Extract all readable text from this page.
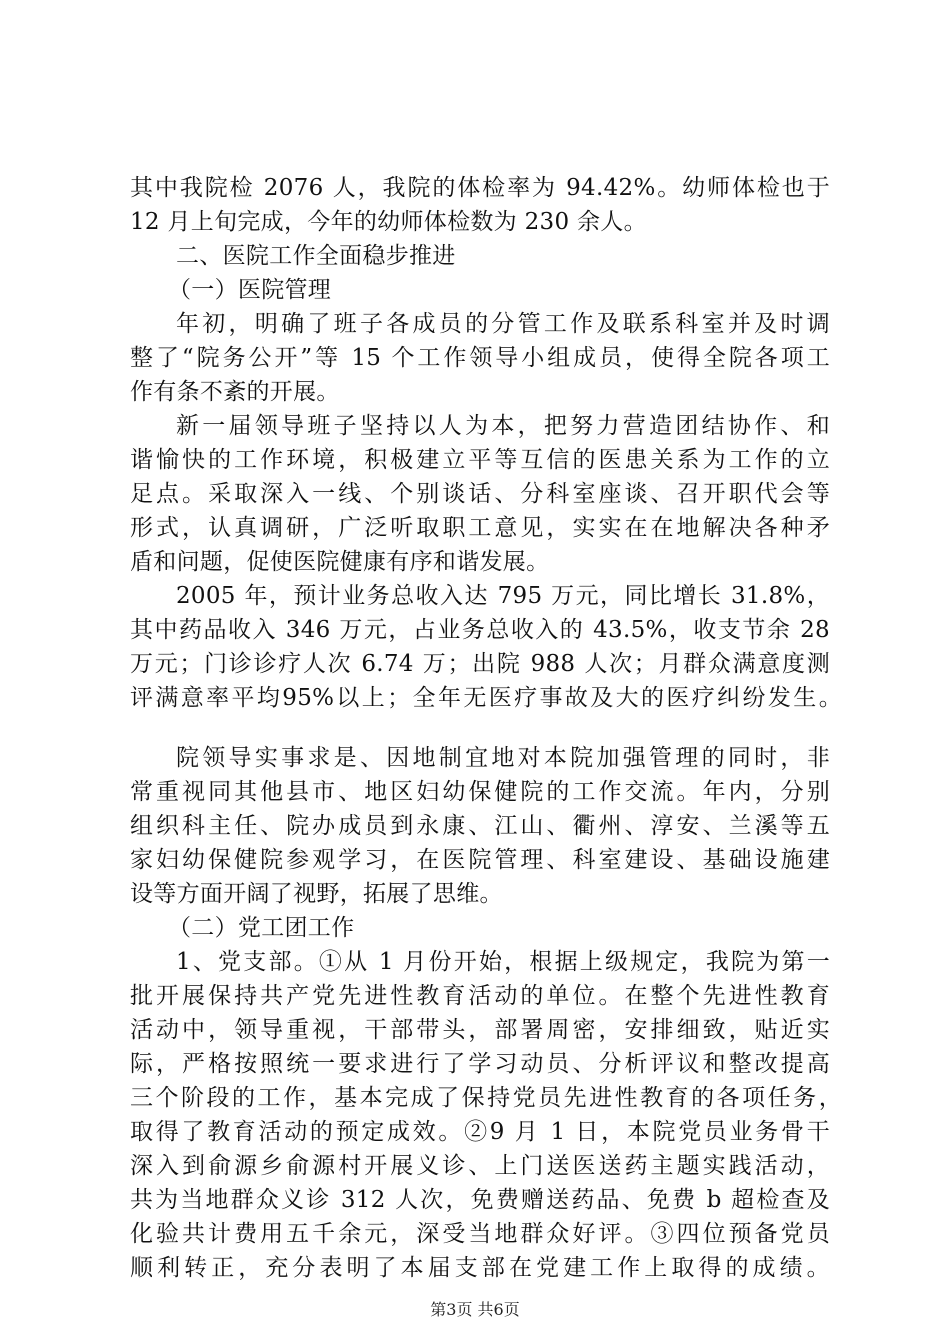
其中我院检 2076 人，我院的体检率为 94.42%。幼师体检也于
12 月上旬完成，今年的幼师体检数为 230 余人。
二、医院工作全面稳步推进
（一）医院管理
年初，明确了班子各成员的分管工作及联系科室并及时调
整了“院务公开”等 15 个工作领导小组成员，使得全院各项工
作有条不紊的开展。
新一届领导班子坚持以人为本，把努力营造团结协作、和
谐愉快的工作环境，积极建立平等互信的医患关系为工作的立
足点。采取深入一线、个别谈话、分科室座谈、召开职代会等
形式，认真调研，广泛听取职工意见，实实在在地解决各种矛
盾和问题，促使医院健康有序和谐发展。
2005 年，预计业务总收入达 795 万元，同比增长 31.8%，
其中药品收入 346 万元，占业务总收入的 43.5%，收支节余 28
万元；门诊诊疗人次 6.74 万；出院 988 人次；月群众满意度测
评满意率平均95%以上；全年无医疗事故及大的医疗纠纷发生。
院领导实事求是、因地制宜地对本院加强管理的同时，非
常重视同其他县市、地区妇幼保健院的工作交流。年内，分别
组织科主任、院办成员到永康、江山、衢州、淳安、兰溪等五
家妇幼保健院参观学习，在医院管理、科室建设、基础设施建
设等方面开阔了视野，拓展了思维。
（二）党工团工作
1、党支部。①从 1 月份开始，根据上级规定，我院为第一
批开展保持共产党先进性教育活动的单位。在整个先进性教育
活动中，领导重视，干部带头，部署周密，安排细致，贴近实
际，严格按照统一要求进行了学习动员、分析评议和整改提高
三个阶段的工作，基本完成了保持党员先进性教育的各项任务，
取得了教育活动的预定成效。②9 月 1 日，本院党员业务骨干
深入到俞源乡俞源村开展义诊、上门送医送药主题实践活动，
共为当地群众义诊 312 人次，免费赠送药品、免费 b 超检查及
化验共计费用五千余元，深受当地群众好评。③四位预备党员
顺利转正，充分表明了本届支部在党建工作上取得的成绩。
第3页 共6页
